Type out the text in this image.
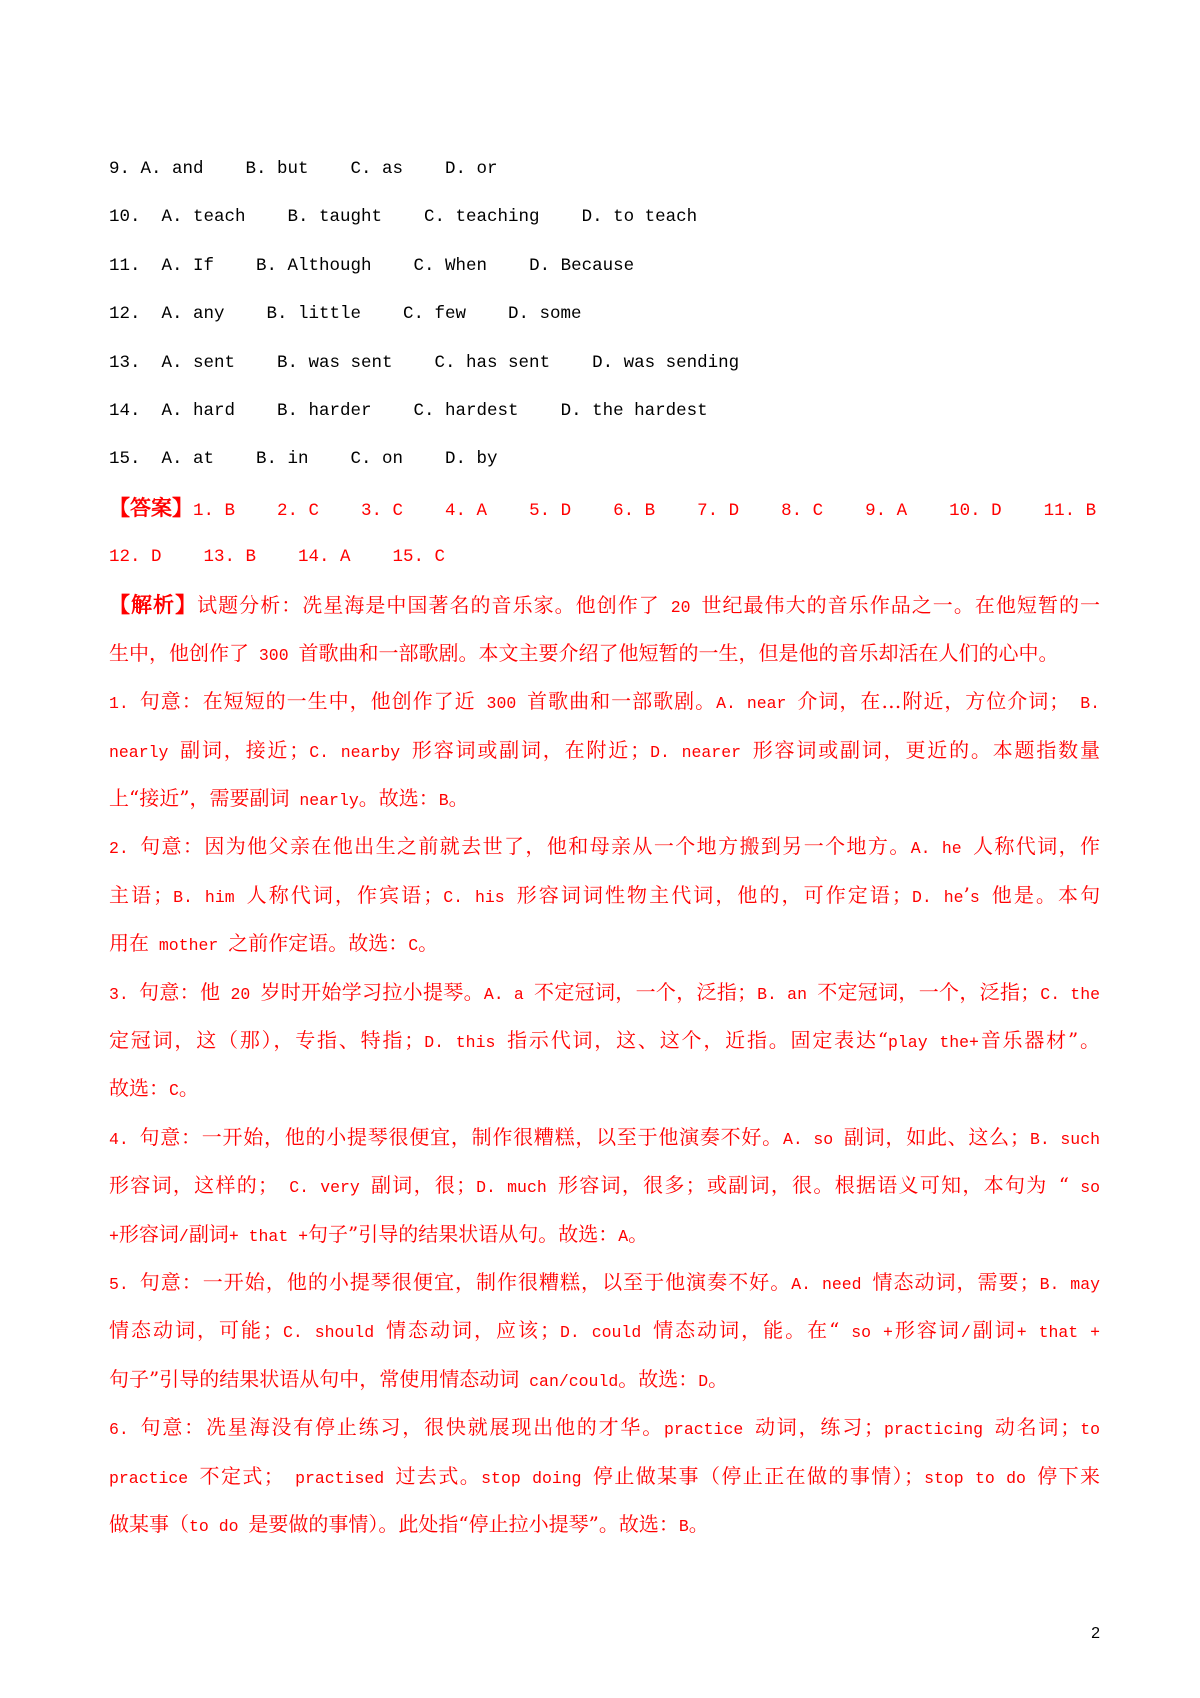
9. A. and B. but C. as D. or
10. A. teach B. taught C. teaching D. to teach
11. A. If B. Although C. When D. Because
12. A. any B. little C. few D. some
13. A. sent B. was sent C. has sent D. was sending
14. A. hard B. harder C. hardest D. the hardest
15. A. at B. in C. on D. by
【答案】1. B 2. C 3. C 4. A 5. D 6. B 7. D 8. C 9. A 10. D 11. B
12. D 13. B 14. A 15. C
【解析】试题分析：冼星海是中国著名的音乐家。他创作了 20 世纪最伟大的音乐作品之一。在他短暂的一
生中，他创作了 300 首歌曲和一部歌剧。本文主要介绍了他短暂的一生，但是他的音乐却活在人们的心中。
1. 句意：在短短的一生中，他创作了近 300 首歌曲和一部歌剧。A. near 介词，在…附近，方位介词； B.
nearly 副词，接近；C. nearby 形容词或副词，在附近；D. nearer 形容词或副词，更近的。本题指数量
上“接近”，需要副词 nearly。故选：B。
2. 句意：因为他父亲在他出生之前就去世了，他和母亲从一个地方搬到另一个地方。A. he 人称代词，作
主语；B. him 人称代词，作宾语；C. his 形容词词性物主代词，他的，可作定语；D. he’s 他是。本句
用在 mother 之前作定语。故选：C。
3. 句意：他 20 岁时开始学习拉小提琴。A. a 不定冠词，一个，泛指；B. an 不定冠词，一个，泛指；C. the
定冠词，这（那），专指、特指；D. this 指示代词，这、这个，近指。固定表达“play the+音乐器材”。
故选：C。
4. 句意：一开始，他的小提琴很便宜，制作很糟糕，以至于他演奏不好。A. so 副词，如此、这么；B. such
形容词，这样的； C. very 副词，很；D. much 形容词，很多；或副词，很。根据语义可知，本句为 “ so
+形容词/副词+ that +句子”引导的结果状语从句。故选：A。
5. 句意：一开始，他的小提琴很便宜，制作很糟糕，以至于他演奏不好。A. need 情态动词，需要；B. may
情态动词，可能；C. should 情态动词，应该；D. could 情态动词，能。在“ so +形容词/副词+ that +
句子”引导的结果状语从句中，常使用情态动词 can/could。故选：D。
6. 句意：冼星海没有停止练习，很快就展现出他的才华。practice 动词，练习；practicing 动名词；to
practice 不定式； practised 过去式。stop doing 停止做某事（停止正在做的事情）；stop to do 停下来
做某事（to do 是要做的事情）。此处指“停止拉小提琴”。故选：B。
2
